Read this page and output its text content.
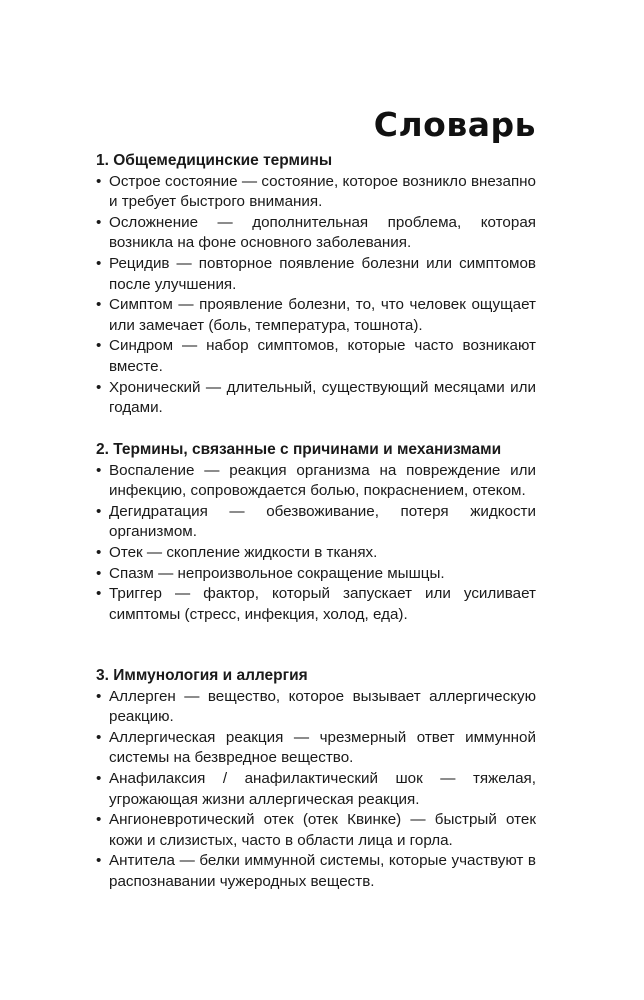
Словарь
1. Общемедицинские термины
• Острое состояние — состояние, которое возникло внезапно и требует быстрого внимания.
• Осложнение — дополнительная проблема, которая возникла на фоне основного заболевания.
• Рецидив — повторное появление болезни или симптомов после улучшения.
• Симптом — проявление болезни, то, что человек ощущает или замечает (боль, температура, тошнота).
• Синдром — набор симптомов, которые часто возникают вместе.
• Хронический — длительный, существующий месяцами или годами.
2. Термины, связанные с причинами и механизмами
• Воспаление — реакция организма на повреждение или инфекцию, сопровождается болью, покраснением, отеком.
• Дегидратация — обезвоживание, потеря жидкости организмом.
• Отек — скопление жидкости в тканях.
• Спазм — непроизвольное сокращение мышцы.
• Триггер — фактор, который запускает или усиливает симптомы (стресс, инфекция, холод, еда).
3. Иммунология и аллергия
• Аллерген — вещество, которое вызывает аллергическую реакцию.
• Аллергическая реакция — чрезмерный ответ иммунной системы на безвредное вещество.
• Анафилаксия / анафилактический шок — тяжелая, угрожающая жизни аллергическая реакция.
• Ангионевротический отек (отек Квинке) — быстрый отек кожи и слизистых, часто в области лица и горла.
• Антитела — белки иммунной системы, которые участвуют в распознавании чужеродных веществ.
